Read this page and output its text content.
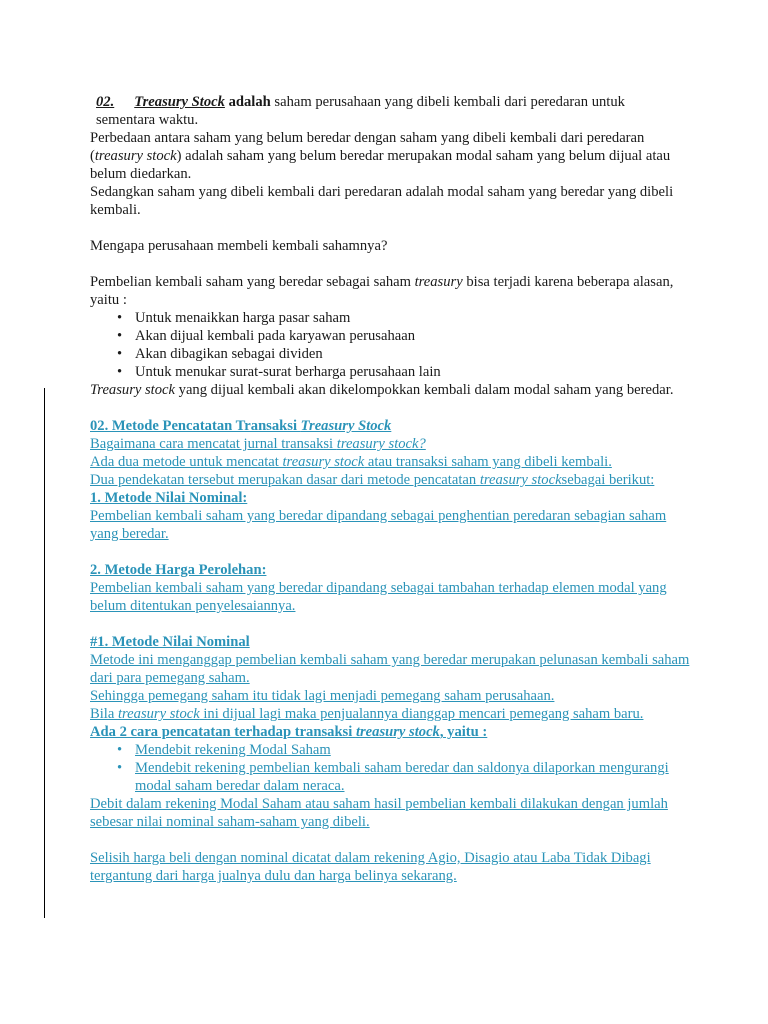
02. Treasury Stock adalah saham perusahaan yang dibeli kembali dari peredaran untuk

sementara waktu.

Perbedaan antara saham yang belum beredar dengan saham yang dibeli kembali dari peredaran (treasury stock) adalah saham yang belum beredar merupakan modal saham yang belum dijual atau belum diedarkan.

Sedangkan saham yang dibeli kembali dari peredaran adalah modal saham yang beredar yang dibeli kembali.

Mengapa perusahaan membeli kembali sahamnya?

Pembelian kembali saham yang beredar sebagai saham treasury bisa terjadi karena beberapa alasan, yaitu :

• Untuk menaikkan harga pasar saham
• Akan dijual kembali pada karyawan perusahaan
• Akan dibagikan sebagai dividen
• Untuk menukar surat-surat berharga perusahaan lain

Treasury stock yang dijual kembali akan dikelompokkan kembali dalam modal saham yang beredar.

02. Metode Pencatatan Transaksi Treasury Stock

Bagaimana cara mencatat jurnal transaksi treasury stock?

Ada dua metode untuk mencatat treasury stock atau transaksi saham yang dibeli kembali.

Dua pendekatan tersebut merupakan dasar dari metode pencatatan treasury stocksebagai berikut:

1. Metode Nilai Nominal:

Pembelian kembali saham yang beredar dipandang sebagai penghentian peredaran sebagian saham yang beredar.

2. Metode Harga Perolehan:

Pembelian kembali saham yang beredar dipandang sebagai tambahan terhadap elemen modal yang belum ditentukan penyelesaiannya.

#1. Metode Nilai Nominal

Metode ini menganggap pembelian kembali saham yang beredar merupakan pelunasan kembali saham dari para pemegang saham.

Sehingga pemegang saham itu tidak lagi menjadi pemegang saham perusahaan.

Bila treasury stock ini dijual lagi maka penjualannya dianggap mencari pemegang saham baru.

Ada 2 cara pencatatan terhadap transaksi treasury stock, yaitu :

• Mendebit rekening Modal Saham
• Mendebit rekening pembelian kembali saham beredar dan saldonya dilaporkan mengurangi modal saham beredar dalam neraca.

Debit dalam rekening Modal Saham atau saham hasil pembelian kembali dilakukan dengan jumlah sebesar nilai nominal saham-saham yang dibeli.

Selisih harga beli dengan nominal dicatat dalam rekening Agio, Disagio atau Laba Tidak Dibagi tergantung dari harga jualnya dulu dan harga belinya sekarang.
